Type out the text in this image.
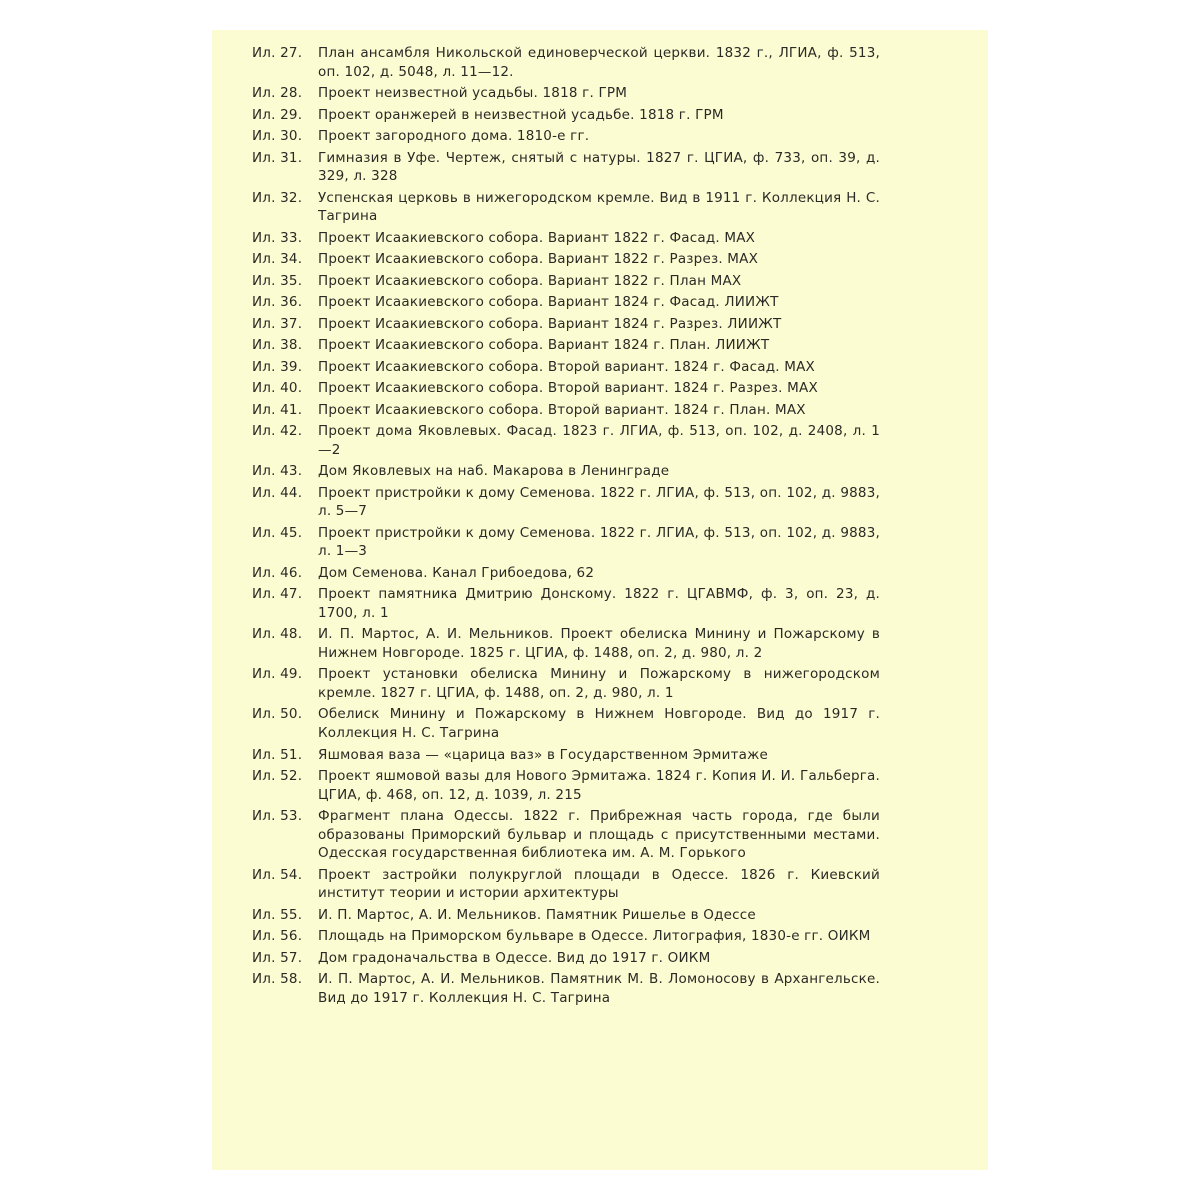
Ил. 27.	План ансамбля Никольской единоверческой церкви. 1832 г., ЛГИА, ф. 513, оп. 102, д. 5048, л. 11—12.
Ил. 28.	Проект неизвестной усадьбы. 1818 г. ГРМ
Ил. 29.	Проект оранжерей в неизвестной усадьбе. 1818 г. ГРМ
Ил. 30.	Проект загородного дома. 1810-е гг.
Ил. 31.	Гимназия в Уфе. Чертеж, снятый с натуры. 1827 г. ЦГИА, ф. 733, оп. 39, д. 329, л. 328
Ил. 32.	Успенская церковь в нижегородском кремле. Вид в 1911 г. Коллекция Н. С. Тагрина
Ил. 33.	Проект Исаакиевского собора. Вариант 1822 г. Фасад. МАХ
Ил. 34.	Проект Исаакиевского собора. Вариант 1822 г. Разрез. МАХ
Ил. 35.	Проект Исаакиевского собора. Вариант 1822 г. План МАХ
Ил. 36.	Проект Исаакиевского собора. Вариант 1824 г. Фасад. ЛИИЖТ
Ил. 37.	Проект Исаакиевского собора. Вариант 1824 г. Разрез. ЛИИЖТ
Ил. 38.	Проект Исаакиевского собора. Вариант 1824 г. План. ЛИИЖТ
Ил. 39.	Проект Исаакиевского собора. Второй вариант. 1824 г. Фасад. МАХ
Ил. 40.	Проект Исаакиевского собора. Второй вариант. 1824 г. Разрез. МАХ
Ил. 41.	Проект Исаакиевского собора. Второй вариант. 1824 г. План. МАХ
Ил. 42.	Проект дома Яковлевых. Фасад. 1823 г. ЛГИА, ф. 513, оп. 102, д. 2408, л. 1—2
Ил. 43.	Дом Яковлевых на наб. Макарова в Ленинграде
Ил. 44.	Проект пристройки к дому Семенова. 1822 г. ЛГИА, ф. 513, оп. 102, д. 9883, л. 5—7
Ил. 45.	Проект пристройки к дому Семенова. 1822 г. ЛГИА, ф. 513, оп. 102, д. 9883, л. 1—3
Ил. 46.	Дом Семенова. Канал Грибоедова, 62
Ил. 47.	Проект памятника Дмитрию Донскому. 1822 г. ЦГАВМФ, ф. 3, оп. 23, д. 1700, л. 1
Ил. 48.	И. П. Мартос, А. И. Мельников. Проект обелиска Минину и Пожарскому в Нижнем Новгороде. 1825 г. ЦГИА, ф. 1488, оп. 2, д. 980, л. 2
Ил. 49.	Проект установки обелиска Минину и Пожарскому в нижегородском кремле. 1827 г. ЦГИА, ф. 1488, оп. 2, д. 980, л. 1
Ил. 50.	Обелиск Минину и Пожарскому в Нижнем Новгороде. Вид до 1917 г. Коллекция Н. С. Тагрина
Ил. 51.	Яшмовая ваза — «царица ваз» в Государственном Эрмитаже
Ил. 52.	Проект яшмовой вазы для Нового Эрмитажа. 1824 г. Копия И. И. Гальберга. ЦГИА, ф. 468, оп. 12, д. 1039, л. 215
Ил. 53.	Фрагмент плана Одессы. 1822 г. Прибрежная часть города, где были образованы Приморский бульвар и площадь с присутственными местами. Одесская государственная библиотека им. А. М. Горького
Ил. 54.	Проект застройки полукруглой площади в Одессе. 1826 г. Киевский институт теории и истории архитектуры
Ил. 55.	И. П. Мартос, А. И. Мельников. Памятник Ришелье в Одессе
Ил. 56.	Площадь на Приморском бульваре в Одессе. Литография, 1830-е гг. ОИКМ
Ил. 57.	Дом градоначальства в Одессе. Вид до 1917 г. ОИКМ
Ил. 58.	И. П. Мартос, А. И. Мельников. Памятник М. В. Ломоносову в Архангельске. Вид до 1917 г. Коллекция Н. С. Тагрина
